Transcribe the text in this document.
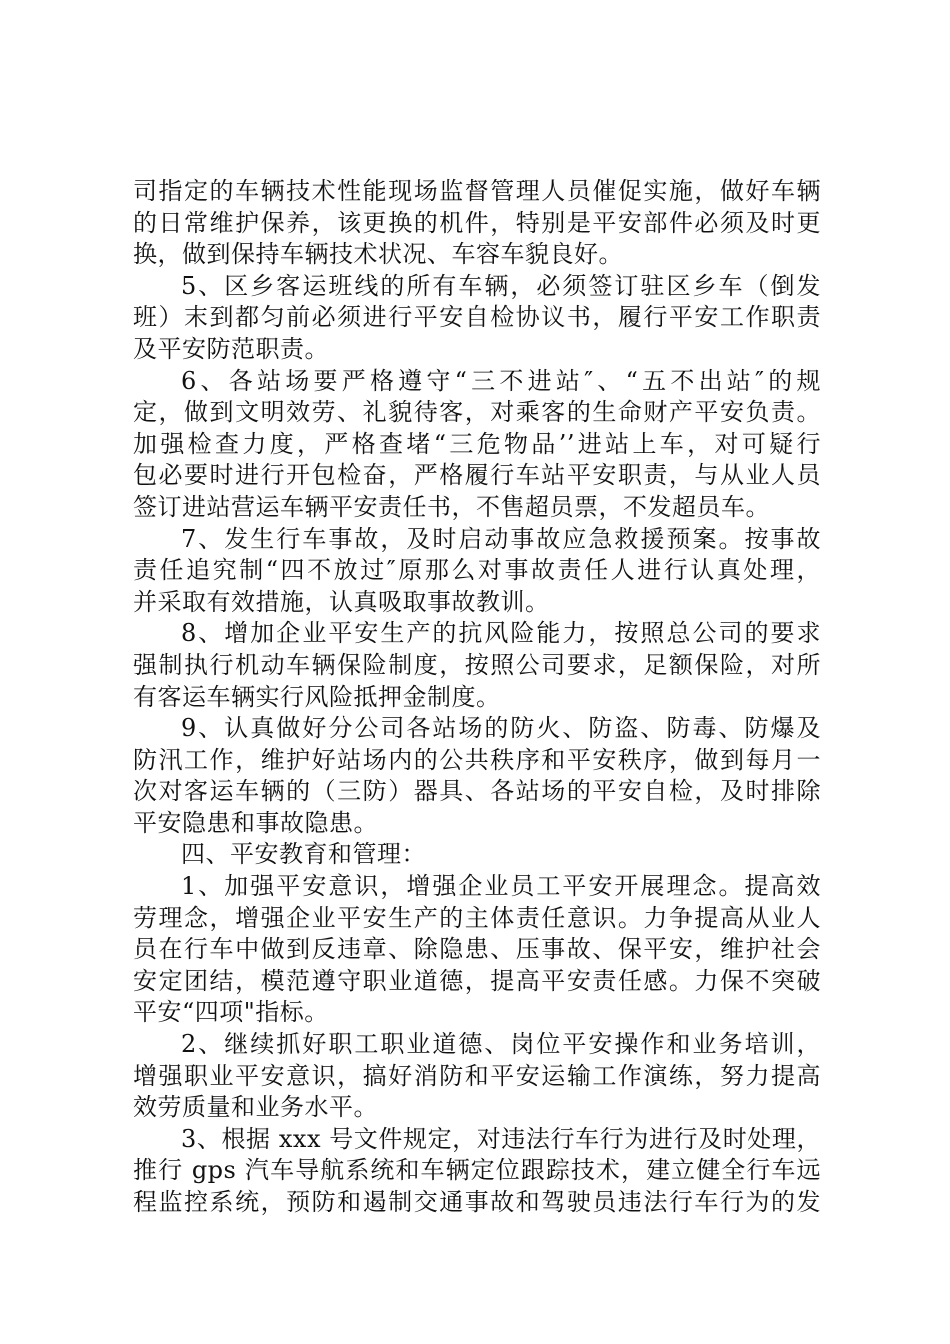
司指定的车辆技术性能现场监督管理人员催促实施，做好车辆
的日常维护保养，该更换的机件，特别是平安部件必须及时更
换，做到保持车辆技术状况、车容车貌良好。
5、区乡客运班线的所有车辆，必须签订驻区乡车（倒发
班）末到都匀前必须进行平安自检协议书，履行平安工作职责
及平安防范职责。
6、各站场要严格遵守“三不进站″、“五不出站″的规
定，做到文明效劳、礼貌待客，对乘客的生命财产平安负责。
加强检查力度，严格查堵“三危物品’’进站上车，对可疑行
包必要时进行开包检奋，严格履行车站平安职责，与从业人员
签订进站营运车辆平安责任书，不售超员票，不发超员车。
7、发生行车事故，及时启动事故应急救援预案。按事故
责任追究制“四不放过″原那么对事故责任人进行认真处理，
并采取有效措施，认真吸取事故教训。
8、增加企业平安生产的抗风险能力，按照总公司的要求
强制执行机动车辆保险制度，按照公司要求，足额保险，对所
有客运车辆实行风险抵押金制度。
9、认真做好分公司各站场的防火、防盗、防毒、防爆及
防汛工作，维护好站场内的公共秩序和平安秩序，做到每月一
次对客运车辆的（三防）器具、各站场的平安自检，及时排除
平安隐患和事故隐患。
四、平安教育和管理：
1、加强平安意识，增强企业员工平安开展理念。提高效
劳理念，增强企业平安生产的主体责任意识。力争提高从业人
员在行车中做到反违章、除隐患、压事故、保平安，维护社会
安定团结，模范遵守职业道德，提高平安责任感。力保不突破
平安“四项"指标。
2、继续抓好职工职业道德、岗位平安操作和业务培训，
增强职业平安意识，搞好消防和平安运输工作演练，努力提高
效劳质量和业务水平。
3、根据 xxx 号文件规定，对违法行车行为进行及时处理，
推行 gps 汽车导航系统和车辆定位跟踪技术，建立健全行车远
程监控系统，预防和遏制交通事故和驾驶员违法行车行为的发
